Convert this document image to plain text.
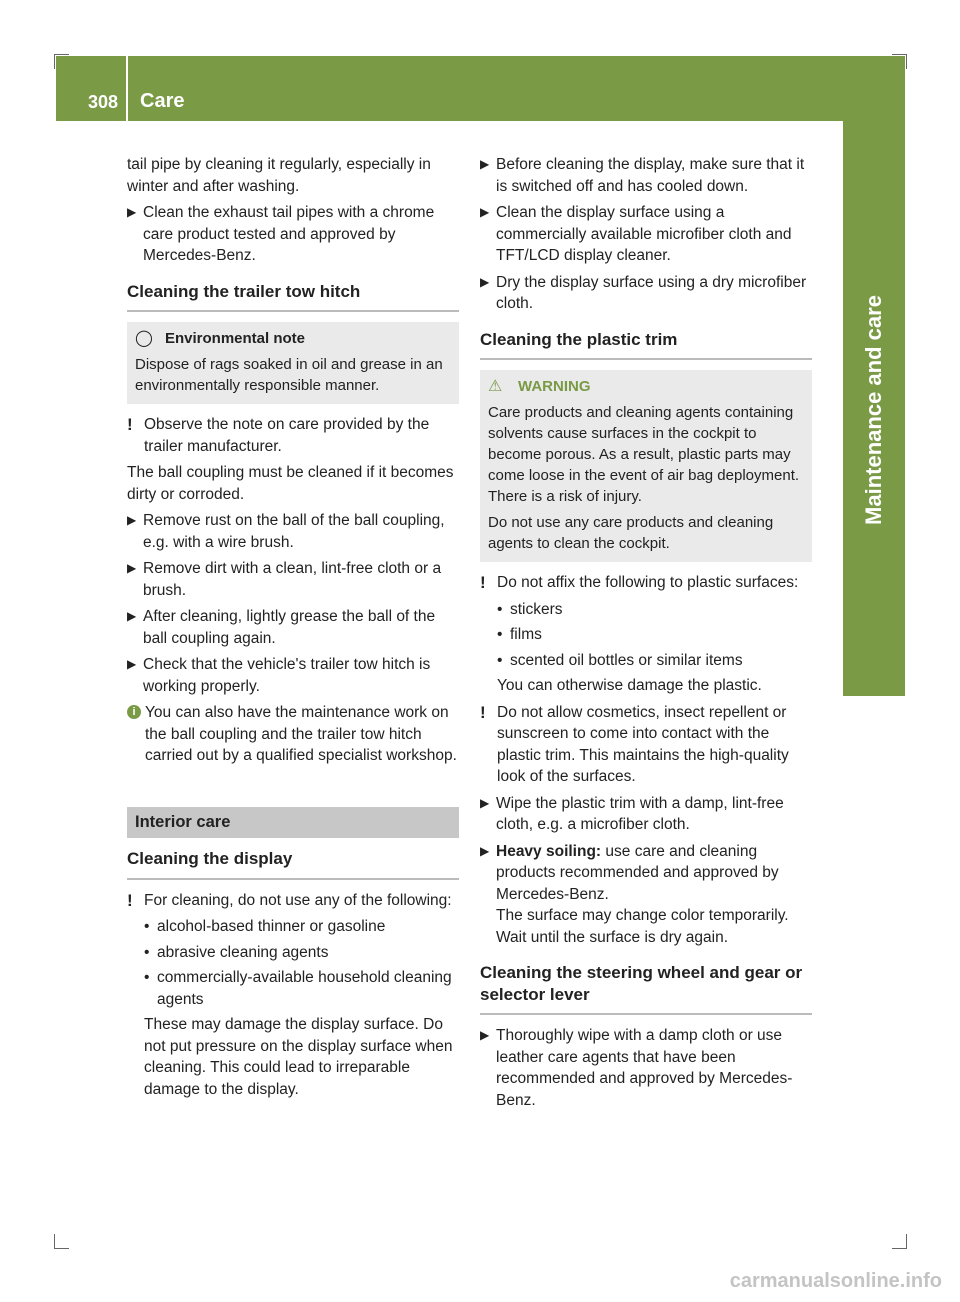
308 Care
Maintenance and care

tail pipe by cleaning it regularly, especially in winter and after washing.

▶ Clean the exhaust tail pipes with a chrome care product tested and approved by Mercedes-Benz.
Cleaning the trailer tow hitch
◯ Environmental note
Dispose of rags soaked in oil and grease in an environmentally responsible manner.
! Observe the note on care provided by the trailer manufacturer.

The ball coupling must be cleaned if it becomes dirty or corroded.

▶ Remove rust on the ball of the ball coupling, e.g. with a wire brush.
▶ Remove dirt with a clean, lint-free cloth or a brush.
▶ After cleaning, lightly grease the ball of the ball coupling again.
▶ Check that the vehicle's trailer tow hitch is working properly.
i You can also have the maintenance work on the ball coupling and the trailer tow hitch carried out by a qualified specialist workshop.
Interior care
Cleaning the display
! For cleaning, do not use any of the following:
• alcohol-based thinner or gasoline
• abrasive cleaning agents
• commercially-available household cleaning agents
These may damage the display surface. Do not put pressure on the display surface when cleaning. This could lead to irreparable damage to the display.
▶ Before cleaning the display, make sure that it is switched off and has cooled down.
▶ Clean the display surface using a commercially available microfiber cloth and TFT/LCD display cleaner.
▶ Dry the display surface using a dry microfiber cloth.
Cleaning the plastic trim
⚠	WARNING
Care products and cleaning agents containing solvents cause surfaces in the cockpit to become porous. As a result, plastic parts may come loose in the event of air bag deployment. There is a risk of injury.
Do not use any care products and cleaning agents to clean the cockpit.
! Do not affix the following to plastic surfaces:
• stickers
• films
• scented oil bottles or similar items
You can otherwise damage the plastic.
! Do not allow cosmetics, insect repellent or sunscreen to come into contact with the plastic trim. This maintains the high-quality look of the surfaces.
▶ Wipe the plastic trim with a damp, lint-free cloth, e.g. a microfiber cloth.
▶ Heavy soiling: use care and cleaning products recommended and approved by Mercedes-Benz.
The surface may change color temporarily. Wait until the surface is dry again.
Cleaning the steering wheel and gear or selector lever
▶ Thoroughly wipe with a damp cloth or use leather care agents that have been recommended and approved by Mercedes-Benz.
carmanualsonline.info
